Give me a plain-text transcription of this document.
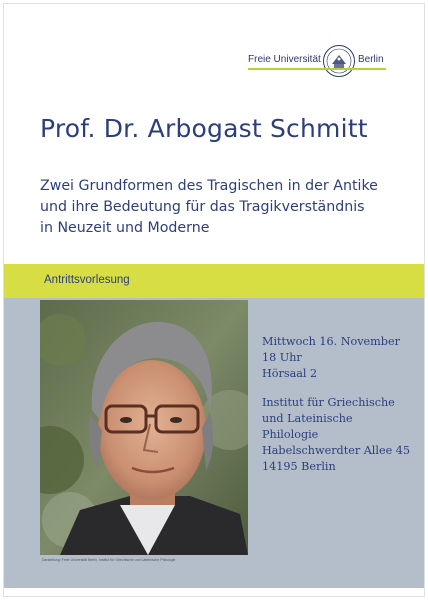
Freie Universität	Berlin
Prof. Dr. Arbogast Schmitt
Zwei Grundformen des Tragischen in der Antike
und ihre Bedeutung für das Tragikverständnis
in Neuzeit und Moderne
Antrittsvorlesung
Darstellung: Freie Universität Berlin, Institut für Griechische und Lateinische Philologie
Mittwoch 16. November
18 Uhr
Hörsaal 2
Institut für Griechische
und Lateinische
Philologie
Habelschwerdter Allee 45
14195 Berlin
